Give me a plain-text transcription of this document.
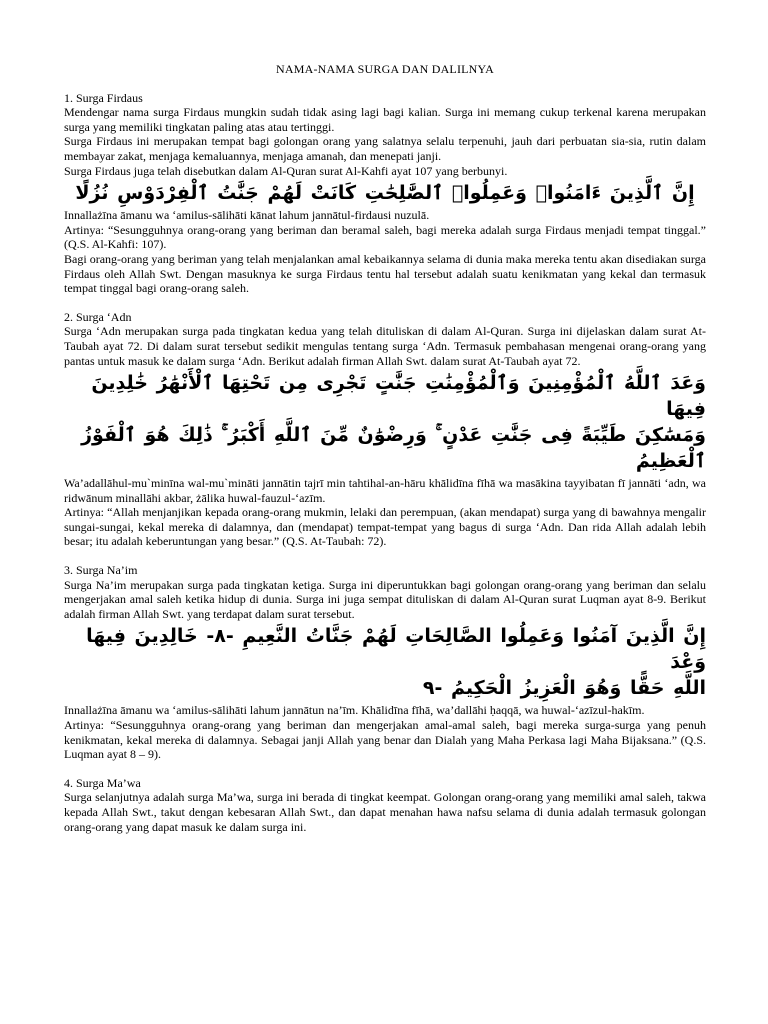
NAMA-NAMA SURGA DAN DALILNYA

1. Surga Firdaus

Mendengar nama surga Firdaus mungkin sudah tidak asing lagi bagi kalian. Surga ini memang cukup terkenal karena merupakan surga yang memiliki tingkatan paling atas atau tertinggi.

Surga Firdaus ini merupakan tempat bagi golongan orang yang salatnya selalu terpenuhi, jauh dari perbuatan sia-sia, rutin dalam membayar zakat, menjaga kemaluannya, menjaga amanah, dan menepati janji.

Surga Firdaus juga telah disebutkan dalam Al-Quran surat Al-Kahfi ayat 107 yang berbunyi.

إِنَّ ٱلَّذِينَ ءَامَنُوا۟ وَعَمِلُوا۟ ٱلصَّٰلِحَٰتِ كَانَتْ لَهُمْ جَنَّٰتُ ٱلْفِرْدَوْسِ نُزُلًا

Innallażīna āmanu wa ‘amilus-sālihāti kānat lahum jannātul-firdausi nuzulā.

Artinya: “Sesungguhnya orang-orang yang beriman dan beramal saleh, bagi mereka adalah surga Firdaus menjadi tempat tinggal.” (Q.S. Al-Kahfi: 107).

Bagi orang-orang yang beriman yang telah menjalankan amal kebaikannya selama di dunia maka mereka tentu akan disediakan surga Firdaus oleh Allah Swt. Dengan masuknya ke surga Firdaus tentu hal tersebut adalah suatu kenikmatan yang kekal dan termasuk tempat tinggal bagi orang-orang saleh.

2. Surga ‘Adn

Surga ‘Adn merupakan surga pada tingkatan kedua yang telah dituliskan di dalam Al-Quran. Surga ini dijelaskan dalam surat At-Taubah ayat 72. Di dalam surat tersebut sedikit mengulas tentang surga ‘Adn. Termasuk pembahasan mengenai orang-orang yang pantas untuk masuk ke dalam surga ‘Adn. Berikut adalah firman Allah Swt. dalam surat At-Taubah ayat 72.

وَعَدَ ٱللَّهُ ٱلْمُؤْمِنِينَ وَٱلْمُؤْمِنَٰتِ جَنَّٰتٍ تَجْرِى مِن تَحْتِهَا ٱلْأَنْهَٰرُ خَٰلِدِينَ فِيهَا
وَمَسَٰكِنَ طَيِّبَةً فِى جَنَّٰتِ عَدْنٍ ۚ وَرِضْوَٰنٌ مِّنَ ٱللَّهِ أَكْبَرُ ۚ ذَٰلِكَ هُوَ ٱلْفَوْزُ ٱلْعَظِيمُ

Wa’adallāhul-mu`minīna wal-mu`mināti jannātin tajrī min tahtihal-an-hāru khālidīna fīhā wa masākina tayyibatan fī jannāti ‘adn, wa ridwānum minallāhi akbar, żālika huwal-fauzul-‘azīm.

Artinya: “Allah menjanjikan kepada orang-orang mukmin, lelaki dan perempuan, (akan mendapat) surga yang di bawahnya mengalir sungai-sungai, kekal mereka di dalamnya, dan (mendapat) tempat-tempat yang bagus di surga ‘Adn. Dan rida Allah adalah lebih besar; itu adalah keberuntungan yang besar.” (Q.S. At-Taubah: 72).

3. Surga Na’im

Surga Na’im merupakan surga pada tingkatan ketiga. Surga ini diperuntukkan bagi golongan orang-orang yang beriman dan selalu mengerjakan amal saleh ketika hidup di dunia. Surga ini juga sempat dituliskan di dalam Al-Quran surat Luqman ayat 8-9. Berikut adalah firman Allah Swt. yang terdapat dalam surat tersebut.

إِنَّ الَّذِينَ آمَنُوا وَعَمِلُوا الصَّالِحَاتِ لَهُمْ جَنَّاتُ النَّعِيمِ -٨- خَالِدِينَ فِيهَا وَعْدَ
اللَّهِ حَقًّا وَهُوَ الْعَزِيزُ الْحَكِيمُ -٩

Innallażīna āmanu wa ‘amilus-sālihāti lahum jannātun na’īm. Khālidīna fīhā, wa’dallāhi ḥaqqā, wa huwal-‘azīzul-hakīm.

Artinya: “Sesungguhnya orang-orang yang beriman dan mengerjakan amal-amal saleh, bagi mereka surga-surga yang penuh kenikmatan, kekal mereka di dalamnya. Sebagai janji Allah yang benar dan Dialah yang Maha Perkasa lagi Maha Bijaksana.” (Q.S. Luqman ayat 8 – 9).

4. Surga Ma’wa

Surga selanjutnya adalah surga Ma’wa, surga ini berada di tingkat keempat. Golongan orang-orang yang memiliki amal saleh, takwa kepada Allah Swt., takut dengan kebesaran Allah Swt., dan dapat menahan hawa nafsu selama di dunia adalah termasuk golongan orang-orang yang dapat masuk ke dalam surga ini.
